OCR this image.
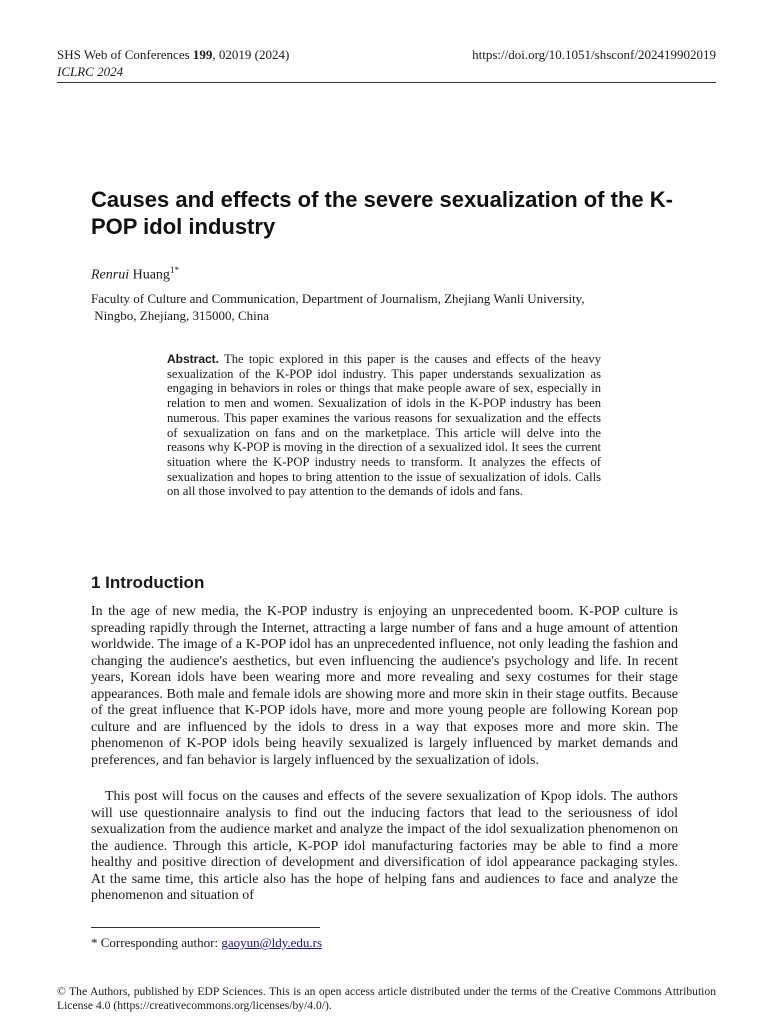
SHS Web of Conferences 199, 02019 (2024)	https://doi.org/10.1051/shsconf/202419902019
ICLRC 2024
Causes and effects of the severe sexualization of the K-POP idol industry
Renrui Huang$^{1*}$
Faculty of Culture and Communication, Department of Journalism, Zhejiang Wanli University,
Ningbo, Zhejiang, 315000, China
Abstract. The topic explored in this paper is the causes and effects of the heavy sexualization of the K-POP idol industry. This paper understands sexualization as engaging in behaviors in roles or things that make people aware of sex, especially in relation to men and women. Sexualization of idols in the K-POP industry has been numerous. This paper examines the various reasons for sexualization and the effects of sexualization on fans and on the marketplace. This article will delve into the reasons why K-POP is moving in the direction of a sexualized idol. It sees the current situation where the K-POP industry needs to transform. It analyzes the effects of sexualization and hopes to bring attention to the issue of sexualization of idols. Calls on all those involved to pay attention to the demands of idols and fans.
1 Introduction
In the age of new media, the K-POP industry is enjoying an unprecedented boom. K-POP culture is spreading rapidly through the Internet, attracting a large number of fans and a huge amount of attention worldwide. The image of a K-POP idol has an unprecedented influence, not only leading the fashion and changing the audience's aesthetics, but even influencing the audience's psychology and life. In recent years, Korean idols have been wearing more and more revealing and sexy costumes for their stage appearances. Both male and female idols are showing more and more skin in their stage outfits. Because of the great influence that K-POP idols have, more and more young people are following Korean pop culture and are influenced by the idols to dress in a way that exposes more and more skin. The phenomenon of K-POP idols being heavily sexualized is largely influenced by market demands and preferences, and fan behavior is largely influenced by the sexualization of idols.
This post will focus on the causes and effects of the severe sexualization of Kpop idols. The authors will use questionnaire analysis to find out the inducing factors that lead to the seriousness of idol sexualization from the audience market and analyze the impact of the idol sexualization phenomenon on the audience. Through this article, K-POP idol manufacturing factories may be able to find a more healthy and positive direction of development and diversification of idol appearance packaging styles. At the same time, this article also has the hope of helping fans and audiences to face and analyze the phenomenon and situation of
* Corresponding author: gaoyun@ldy.edu.rs
© The Authors, published by EDP Sciences. This is an open access article distributed under the terms of the Creative Commons Attribution License 4.0 (https://creativecommons.org/licenses/by/4.0/).
